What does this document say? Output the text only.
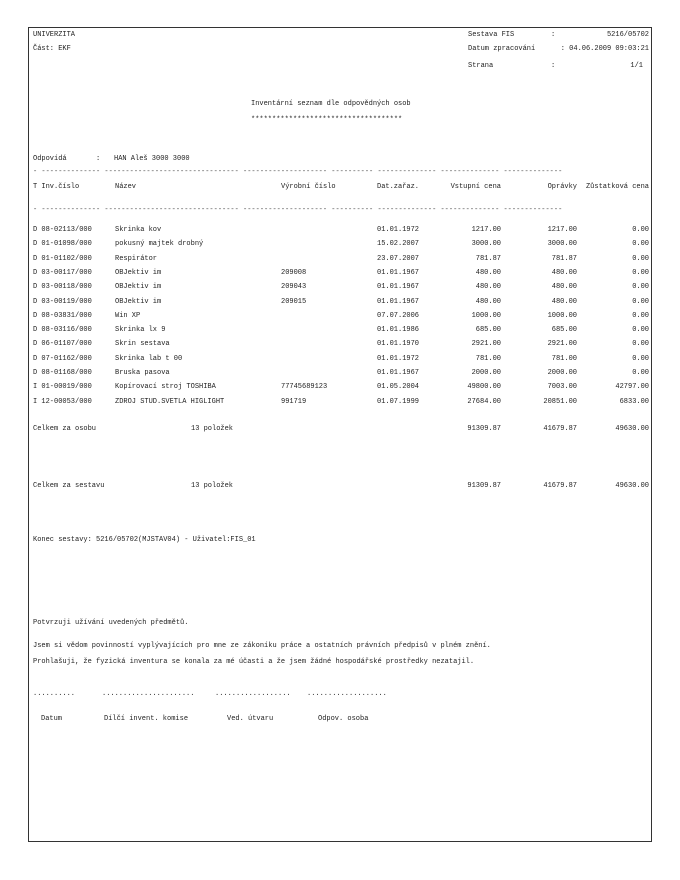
UNIVERZITA
Část: EKF
Sestava FIS	:	5216/05702
Datum zpracování	: 04.06.2009 09:03:21
Strana	:	1/1
Inventární seznam dle odpovědných osob
************************************
Odpovídá	: HAN Aleš 3000 3000
- -------------- -------------------------------- -------------------- ---------- -------------- -------------- --------------
T Inv.číslo	Název	Výrobní číslo	Dat.zařaz.	Vstupní cena	Oprávky	Zůstatková cena
- -------------- -------------------------------- -------------------- ---------- -------------- -------------- --------------
D 08-02113/000	Skrinka kov	01.01.1972	1217.00	1217.00	0.00
D 01-01098/000	pokusný majtek drobný	15.02.2007	3000.00	3000.00	0.00
D 01-01102/000	Respirátor	23.07.2007	781.87	781.87	0.00
D 03-00117/000	OBJektiv im	209008	01.01.1967	480.00	480.00	0.00
D 03-00118/000	OBJektiv im	209043	01.01.1967	480.00	480.00	0.00
D 03-00119/000	OBJektiv im	209015	01.01.1967	480.00	480.00	0.00
D 08-03831/000	Win XP	07.07.2006	1000.00	1000.00	0.00
D 08-03116/000	Skrinka lx 9	01.01.1986	685.00	685.00	0.00
D 06-01107/000	Skrin sestava	01.01.1970	2921.00	2921.00	0.00
D 07-01162/000	Skrinka lab t 00	01.01.1972	781.00	781.00	0.00
D 08-01168/000	Bruska pasova	01.01.1967	2000.00	2000.00	0.00
I 01-00019/000	Kopírovací stroj TOSHIBA	77745689123	01.05.2004	49800.00	7003.00	42797.00
I 12-00053/000	ZDROJ STUD.SVETLA HIGLIGHT	991719	01.07.1999	27684.00	20851.00	6833.00
Celkem za osobu	13 položek	91309.87	41679.87	49630.00
Celkem za sestavu	13 položek	91309.87	41679.87	49630.00
Konec sestavy: 5216/05702(MJSTAV04) - Uživatel:FIS_01
Potvrzuji užívání uvedených předmětů.
Jsem si vědom povinností vyplývajících pro mne ze zákoníku práce a ostatních právních předpisů v plném znění.
Prohlašuji, že fyzická inventura se konala za mé účasti a že jsem žádné hospodářské prostředky nezatajil.
..........	......................	.................. ...................
Datum	Dílčí invent. komise	Ved. útvaru	Odpov. osoba
